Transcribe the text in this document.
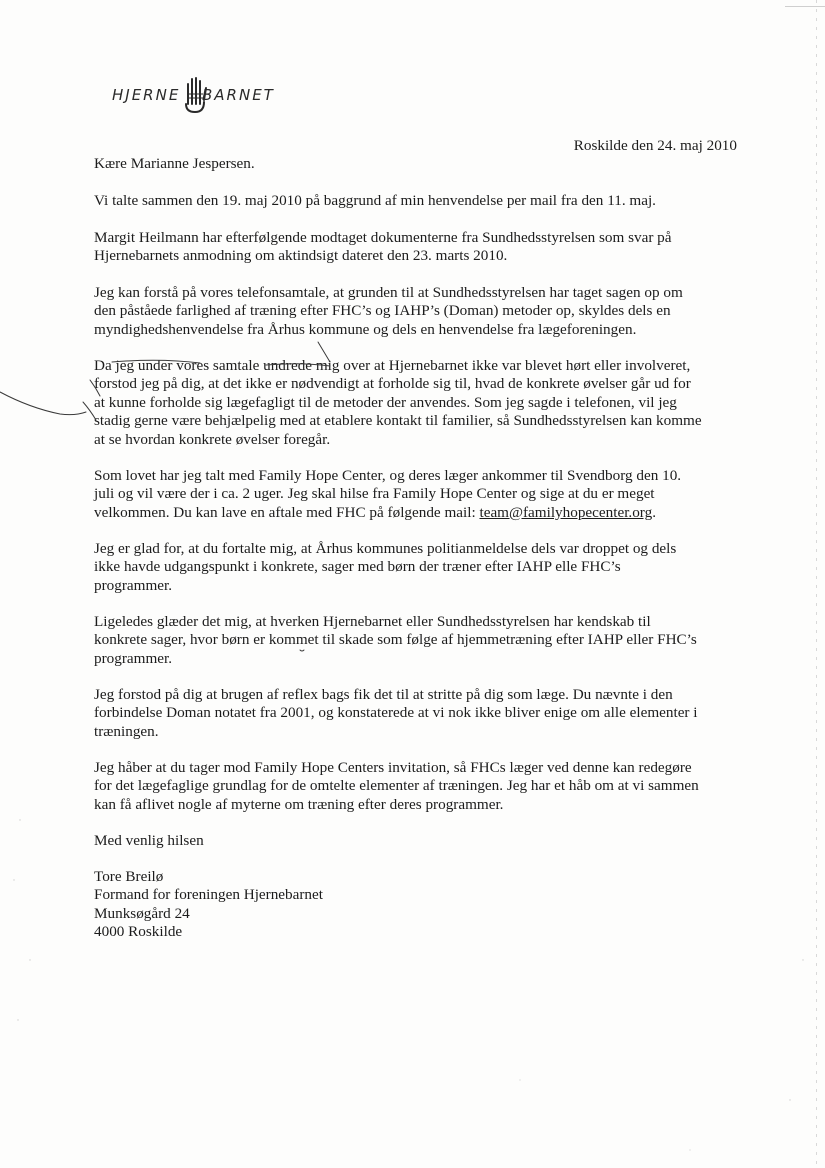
HJERNE BARNET

Roskilde den 24. maj 2010

Kære Marianne Jespersen.

Vi talte sammen den 19. maj 2010 på baggrund af min henvendelse per mail fra den 11. maj.

Margit Heilmann har efterfølgende modtaget dokumenterne fra Sundhedsstyrelsen som svar på
Hjernebarnets anmodning om aktindsigt dateret den 23. marts 2010.

Jeg kan forstå på vores telefonsamtale, at grunden til at Sundhedsstyrelsen har taget sagen op om
den påståede farlighed af træning efter FHC’s og IAHP’s (Doman) metoder op, skyldes dels en
myndighedshenvendelse fra Århus kommune og dels en henvendelse fra lægeforeningen.

Da jeg under vores samtale undrede mig over at Hjernebarnet ikke var blevet hørt eller involveret,
forstod jeg på dig, at det ikke er nødvendigt at forholde sig til, hvad de konkrete øvelser går ud for
at kunne forholde sig lægefagligt til de metoder der anvendes. Som jeg sagde i telefonen, vil jeg
stadig gerne være behjælpelig med at etablere kontakt til familier, så Sundhedsstyrelsen kan komme
at se hvordan konkrete øvelser foregår.

Som lovet har jeg talt med Family Hope Center, og deres læger ankommer til Svendborg den 10.
juli og vil være der i ca. 2 uger. Jeg skal hilse fra Family Hope Center og sige at du er meget
velkommen. Du kan lave en aftale med FHC på følgende mail: team@familyhopecenter.org.

Jeg er glad for, at du fortalte mig, at Århus kommunes politianmeldelse dels var droppet og dels
ikke havde udgangspunkt i konkrete, sager med børn der træner efter IAHP elle FHC’s
programmer.

Ligeledes glæder det mig, at hverken Hjernebarnet eller Sundhedsstyrelsen har kendskab til
konkrete sager, hvor børn er kommet til skade som følge af hjemmetræning efter IAHP eller FHC’s
programmer.

Jeg forstod på dig at brugen af reflex bags fik det til at stritte på dig som læge. Du nævnte i den
forbindelse Doman notatet fra 2001, og konstaterede at vi nok ikke bliver enige om alle elementer i
træningen.

Jeg håber at du tager mod Family Hope Centers invitation, så FHCs læger ved denne kan redegøre
for det lægefaglige grundlag for de omtelte elementer af træningen. Jeg har et håb om at vi sammen
kan få aflivet nogle af myterne om træning efter deres programmer.

Med venlig hilsen

Tore Breilø
Formand for foreningen Hjernebarnet
Munksøgård 24
4000 Roskilde
